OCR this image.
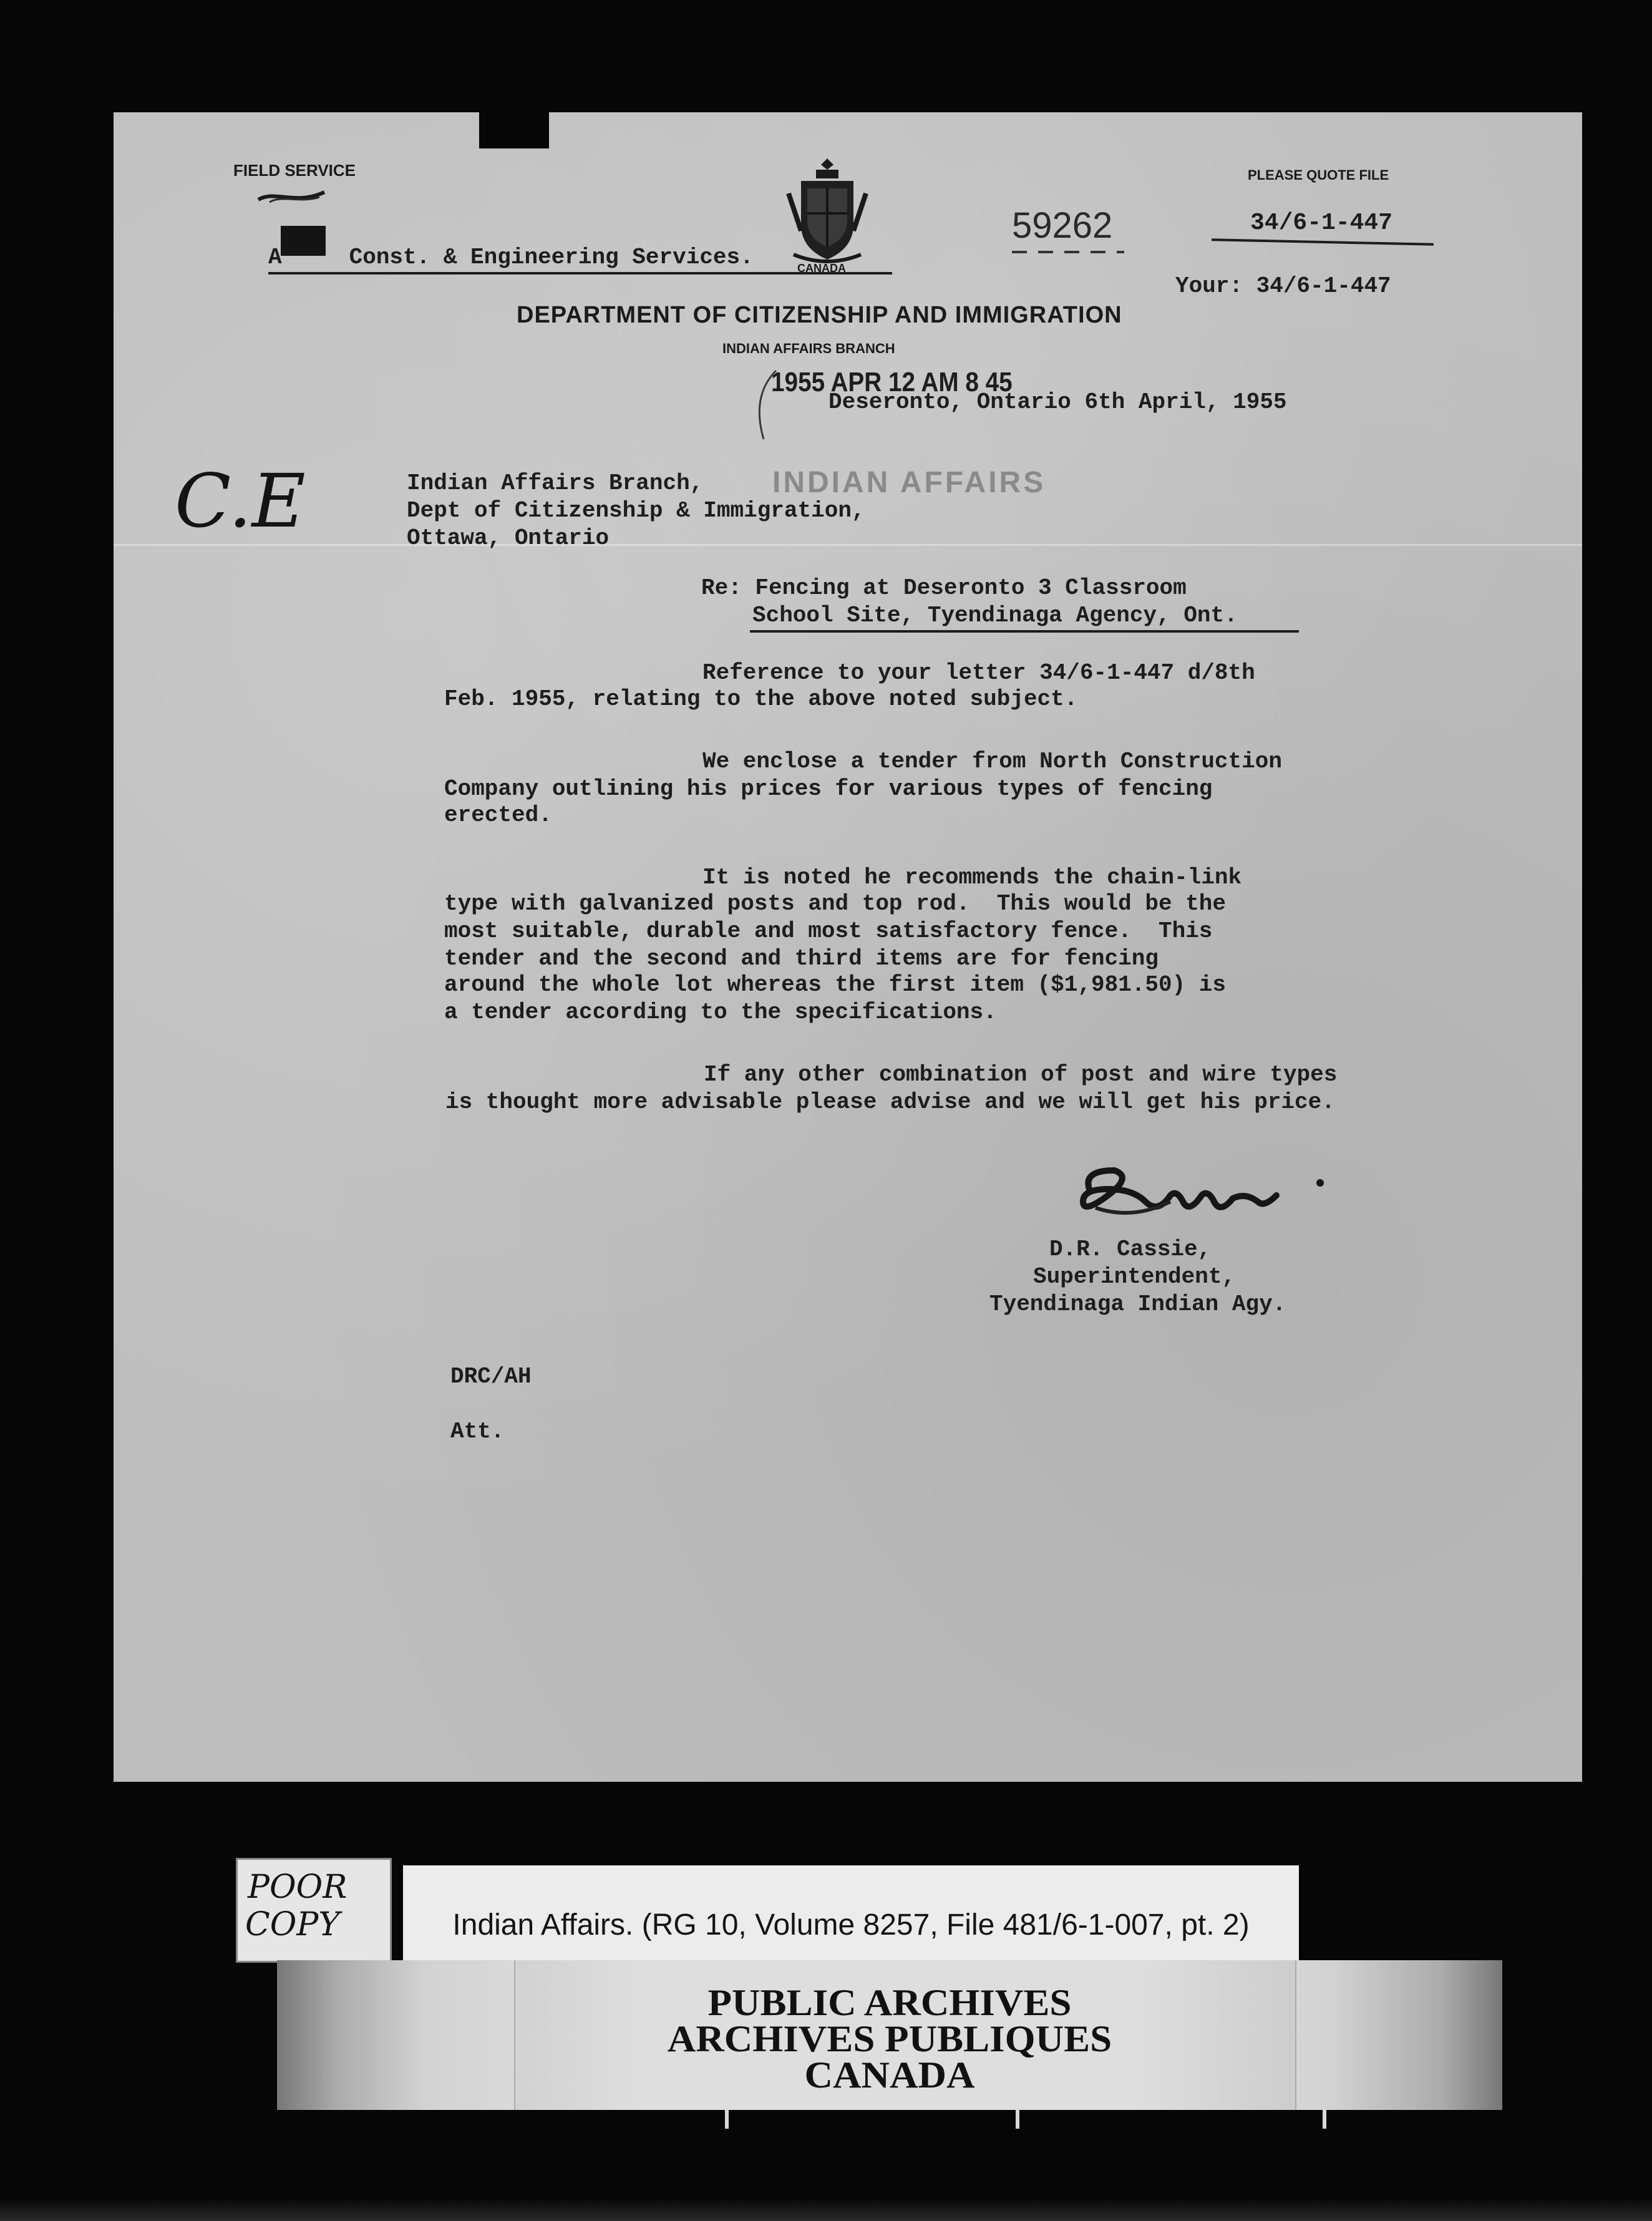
FIELD SERVICE
A     Const. & Engineering Services.	CANADA
59262
PLEASE QUOTE FILE
34/6-1-447
Your: 34/6-1-447
DEPARTMENT OF CITIZENSHIP AND IMMIGRATION
INDIAN AFFAIRS BRANCH
1955 APR 12 AM 8 45
Deseronto, Ontario 6th April, 1955
C.E	INDIAN AFFAIRS
Indian Affairs Branch,
Dept of Citizenship & Immigration,
Ottawa, Ontario
Re: Fencing at Deseronto 3 Classroom
School Site, Tyendinaga Agency, Ont.
Reference to your letter 34/6-1-447 d/8th
Feb. 1955, relating to the above noted subject.
We enclose a tender from North Construction
Company outlining his prices for various types of fencing
erected.
It is noted he recommends the chain-link
type with galvanized posts and top rod.  This would be the
most suitable, durable and most satisfactory fence.  This
tender and the second and third items are for fencing
around the whole lot whereas the first item ($1,981.50) is
a tender according to the specifications.
If any other combination of post and wire types
is thought more advisable please advise and we will get his price.
D.R. Cassie,
Superintendent,
Tyendinaga Indian Agy.
DRC/AH
Att.
POOR
COPY	Indian Affairs. (RG 10, Volume 8257, File 481/6-1-007, pt. 2)
PUBLIC ARCHIVES
ARCHIVES PUBLIQUES
CANADA
